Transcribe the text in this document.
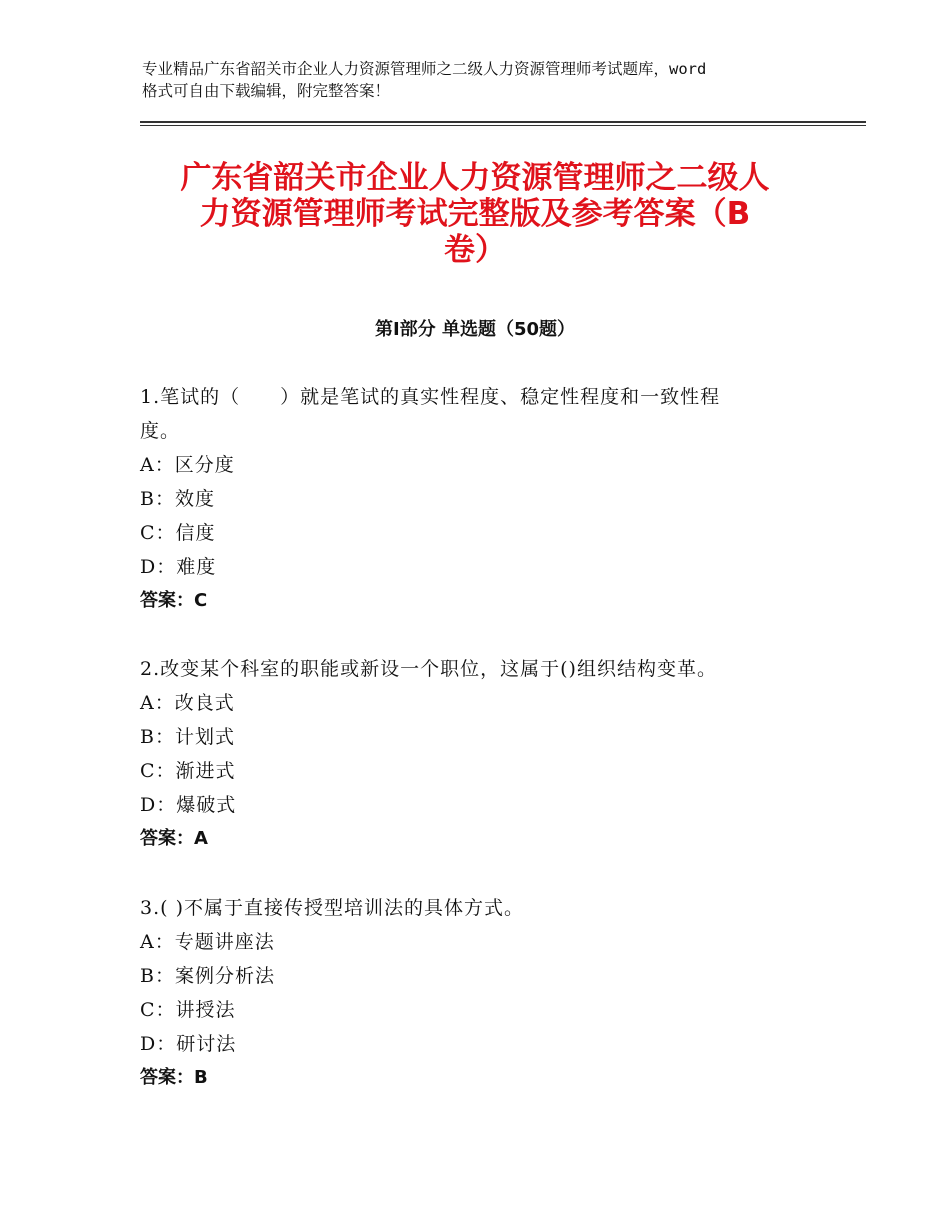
专业精品广东省韶关市企业人力资源管理师之二级人力资源管理师考试题库，word
格式可自由下载编辑，附完整答案！
广东省韶关市企业人力资源管理师之二级人
力资源管理师考试完整版及参考答案（B
卷）
第Ⅰ部分 单选题（50题）
1.笔试的（　　）就是笔试的真实性程度、稳定性程度和一致性程
度。
A：区分度
B：效度
C：信度
D：难度
答案：C
2.改变某个科室的职能或新设一个职位，这属于()组织结构变革。
A：改良式
B：计划式
C：渐进式
D：爆破式
答案：A
3.( )不属于直接传授型培训法的具体方式。
A：专题讲座法
B：案例分析法
C：讲授法
D：研讨法
答案：B
